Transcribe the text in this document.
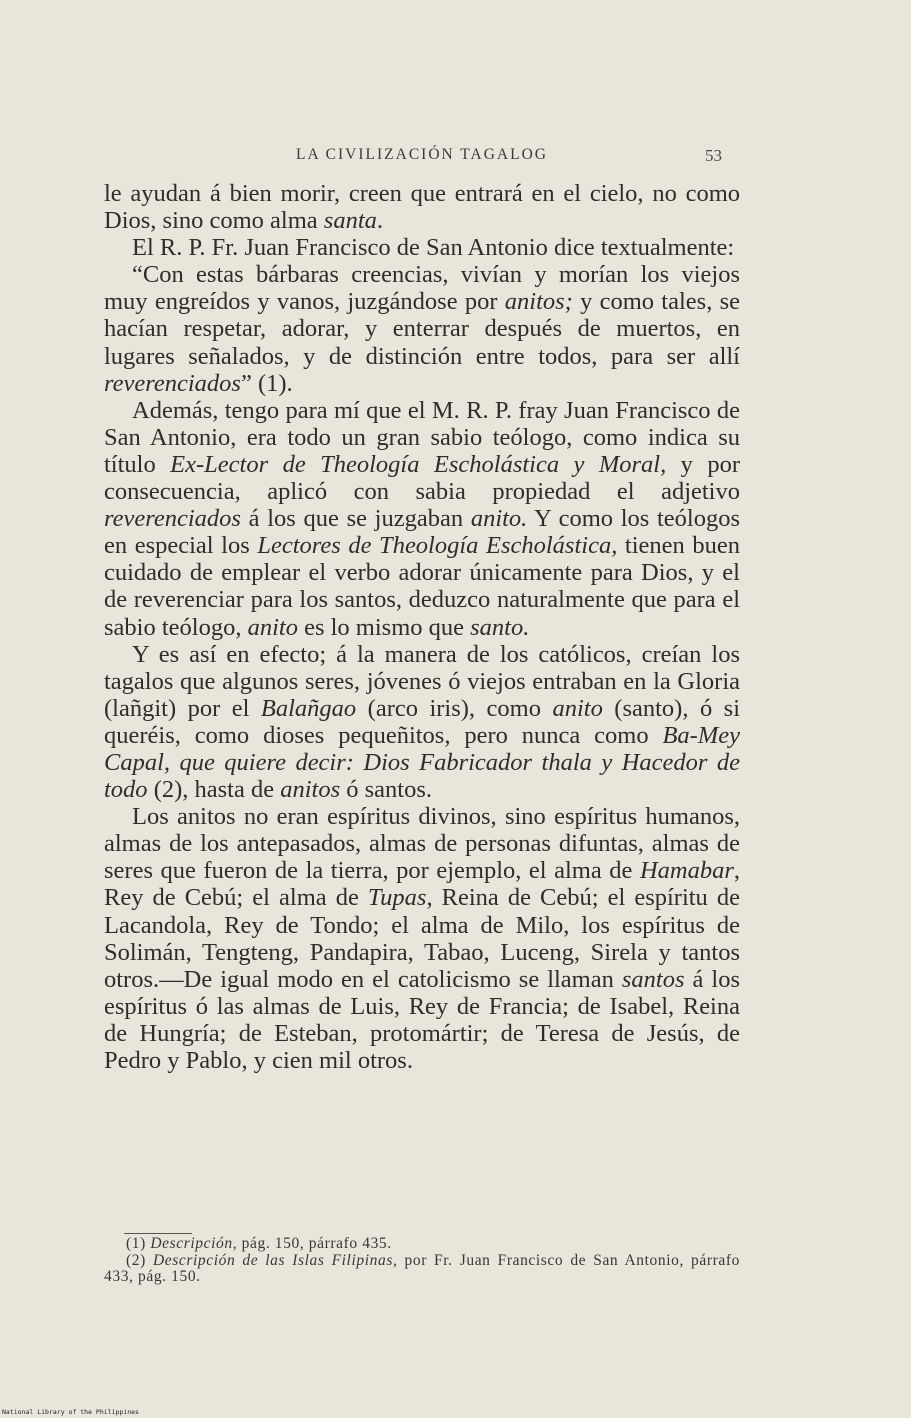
LA CIVILIZACIÓN TAGALOG	53

le ayudan á bien morir, creen que entrará en el cielo, no como Dios, sino como alma santa.

El R. P. Fr. Juan Francisco de San Antonio dice textualmente:

“Con estas bárbaras creencias, vivían y morían los viejos muy engreídos y vanos, juzgándose por anitos; y como tales, se hacían respetar, adorar, y enterrar después de muertos, en lugares señalados, y de distinción entre todos, para ser allí reverenciados” (1).

Además, tengo para mí que el M. R. P. fray Juan Francisco de San Antonio, era todo un gran sabio teólogo, como indica su título Ex-Lector de Theología Escholástica y Moral, y por consecuencia, aplicó con sabia propiedad el adjetivo reverenciados á los que se juzgaban anito. Y como los teólogos en especial los Lectores de Theología Escholástica, tienen buen cuidado de emplear el verbo adorar únicamente para Dios, y el de reverenciar para los santos, deduzco naturalmente que para el sabio teólogo, anito es lo mismo que santo.

Y es así en efecto; á la manera de los católicos, creían los tagalos que algunos seres, jóvenes ó viejos entraban en la Gloria (lañgit) por el Balañgao (arco iris), como anito (santo), ó si queréis, como dioses pequeñitos, pero nunca como Ba-Mey Capal, que quiere decir: Dios Fabricador thala y Hacedor de todo (2), hasta de anitos ó santos.

Los anitos no eran espíritus divinos, sino espíritus humanos, almas de los antepasados, almas de personas difuntas, almas de seres que fueron de la tierra, por ejemplo, el alma de Hamabar, Rey de Cebú; el alma de Tupas, Reina de Cebú; el espíritu de Lacandola, Rey de Tondo; el alma de Milo, los espíritus de Solimán, Tengteng, Pandapira, Tabao, Luceng, Sirela y tantos otros.—De igual modo en el catolicismo se llaman santos á los espíritus ó las almas de Luis, Rey de Francia; de Isabel, Reina de Hungría; de Esteban, protomártir; de Teresa de Jesús, de Pedro y Pablo, y cien mil otros.

(1) Descripción, pág. 150, párrafo 435.

(2) Descripción de las Islas Filipinas, por Fr. Juan Francisco de San Antonio, párrafo 433, pág. 150.

National Library of the Philippines
